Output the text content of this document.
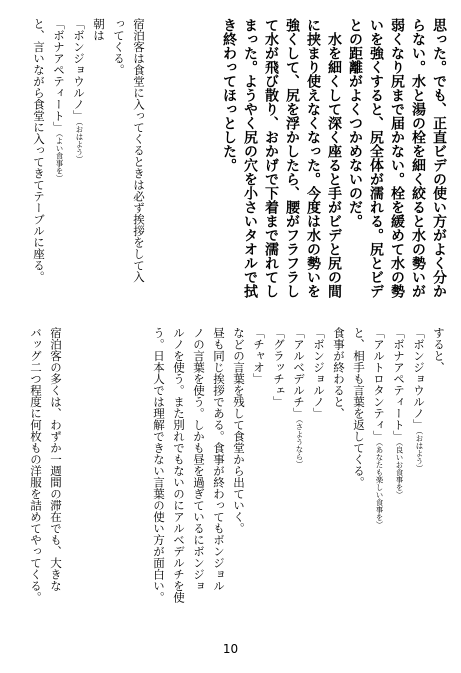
思った。でも、正直ビデの使い方がよく分か
らない。水と湯の栓を細く絞ると水の勢いが
弱くなり尻まで届かない。栓を緩めて水の勢
いを強くすると、尻全体が濡れる。尻とビデ
との距離がよくつかめないのだ。
　水を細くして深く座ると手がビデと尻の間
に挟まり使えなくなった。今度は水の勢いを
強くして、尻を浮かしたら、腰がフラフラし
て水が飛び散り、おかげで下着まで濡れてし
まった。ようやく尻の穴を小さいタオルで拭
き終わってほっとした。
宿泊客は食堂に入ってくるときは必ず挨拶をして入
ってくる。
朝は
「ボンジョウルノ」（おはよう）
「ボナアペティート」（よい食事を）
と、言いながら食堂に入ってきてテーブルに座る。
すると、
「ボンジョウルノ」（おはよう）
「ボナアペティート」（良いお食事を）
「アルトロタンティ」（あなたも楽しい食事を）
と、相手も言葉を返してくる。
食事が終わると、
「ボンジョルノ」
「アルベデルチ」（さようなら）
「グラッチェ」
「チャオ」
などの言葉を残して食堂から出ていく。
昼も同じ挨拶である。食事が終わってもボンジョル
ノの言葉を使う。しかも昼を過ぎているにボンジョ
ルノを使う。また別れでもないのにアルベデルチを使
う。日本人では理解できない言葉の使い方が面白い。
宿泊客の多くは、わずか一週間の滞在でも、大きな
バッグ二つ程度に何枚もの洋服を詰めてやってくる。
10
